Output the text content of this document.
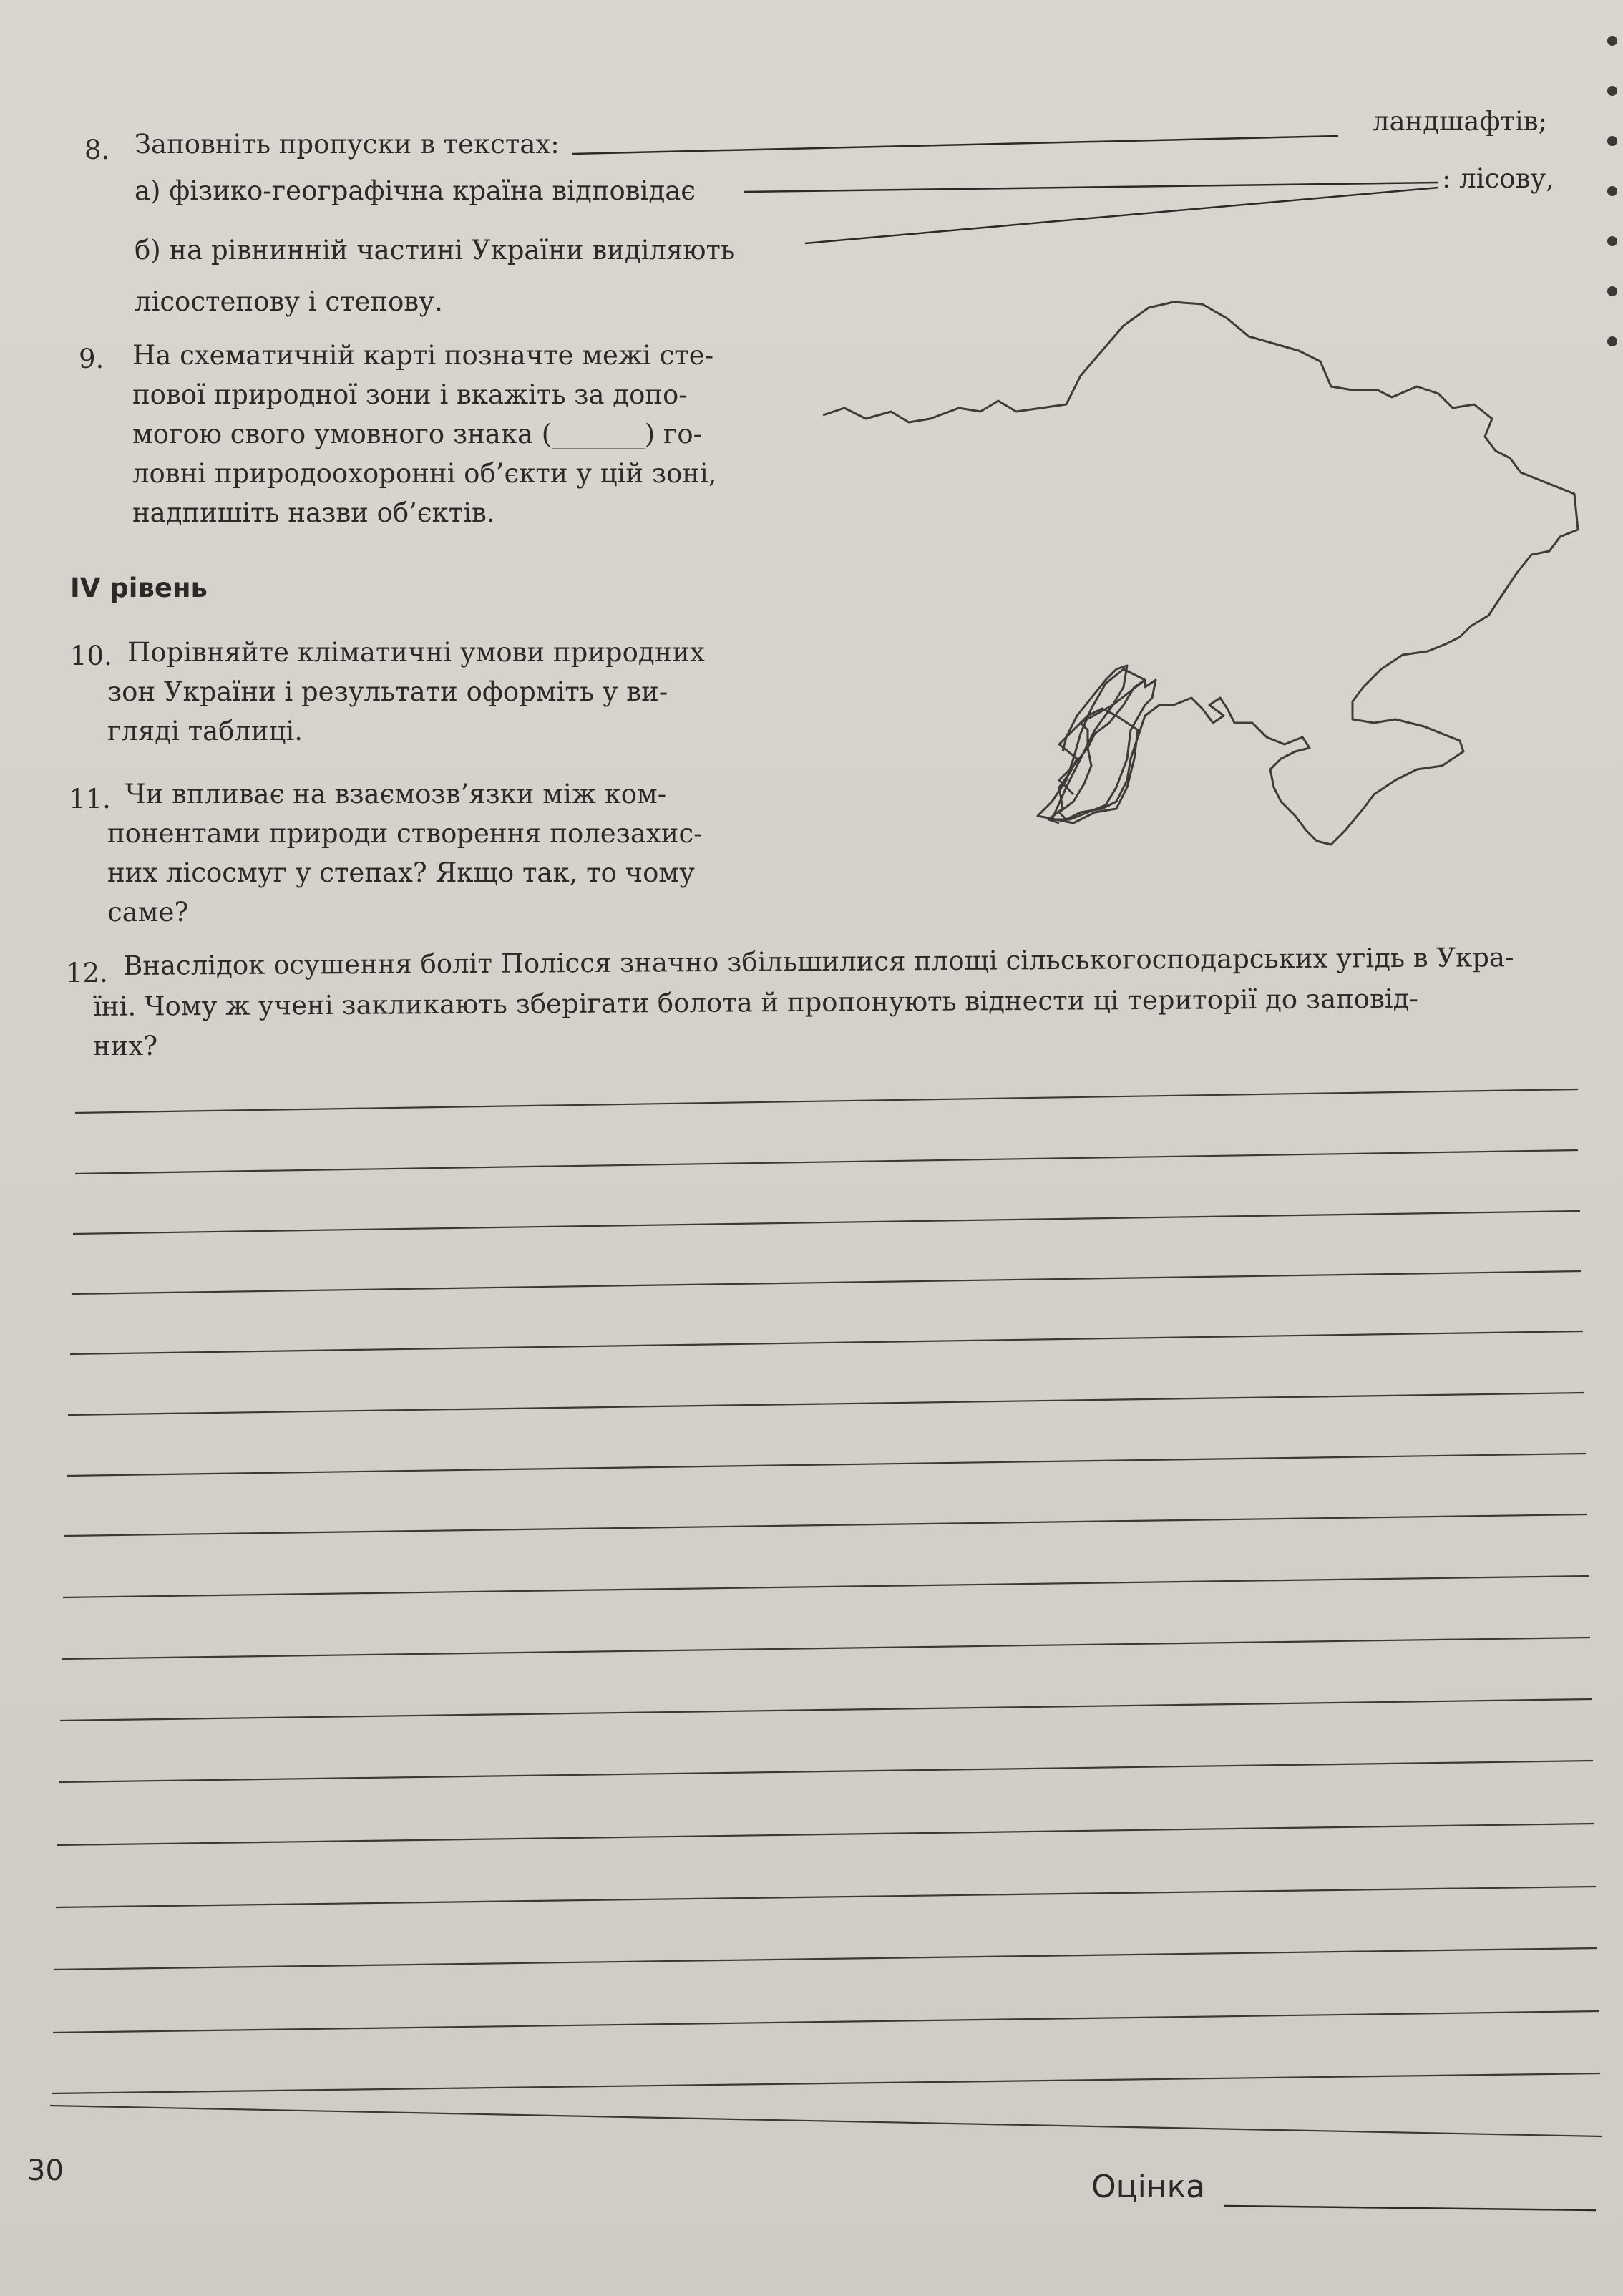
8. Заповніть пропуски в текстах:
ландшафтів;
а) фізико-географічна країна відповідає	: лісову,
б) на рівнинній частині України виділяють
лісостепову і степову.
9. На схематичній карті позначте межі сте-
пової природної зони і вкажіть за допо-
могою свого умовного знака (_______) го-
ловні природоохоронні об’єкти у цій зоні,
надпишіть назви об’єктів.
IV рівень
10. Порівняйте кліматичні умови природних
зон України і результати оформіть у ви-
гляді таблиці.
11. Чи впливає на взаємозв’язки між ком-
понентами природи створення полезахис-
них лісосмуг у степах? Якщо так, то чому
саме?
12. Внаслідок осушення боліт Полісся значно збільшилися площі сільськогосподарських угідь в Укра-
їні. Чому ж учені закликають зберігати болота й пропонують віднести ці території до заповід-
них?
30	Оцінка
